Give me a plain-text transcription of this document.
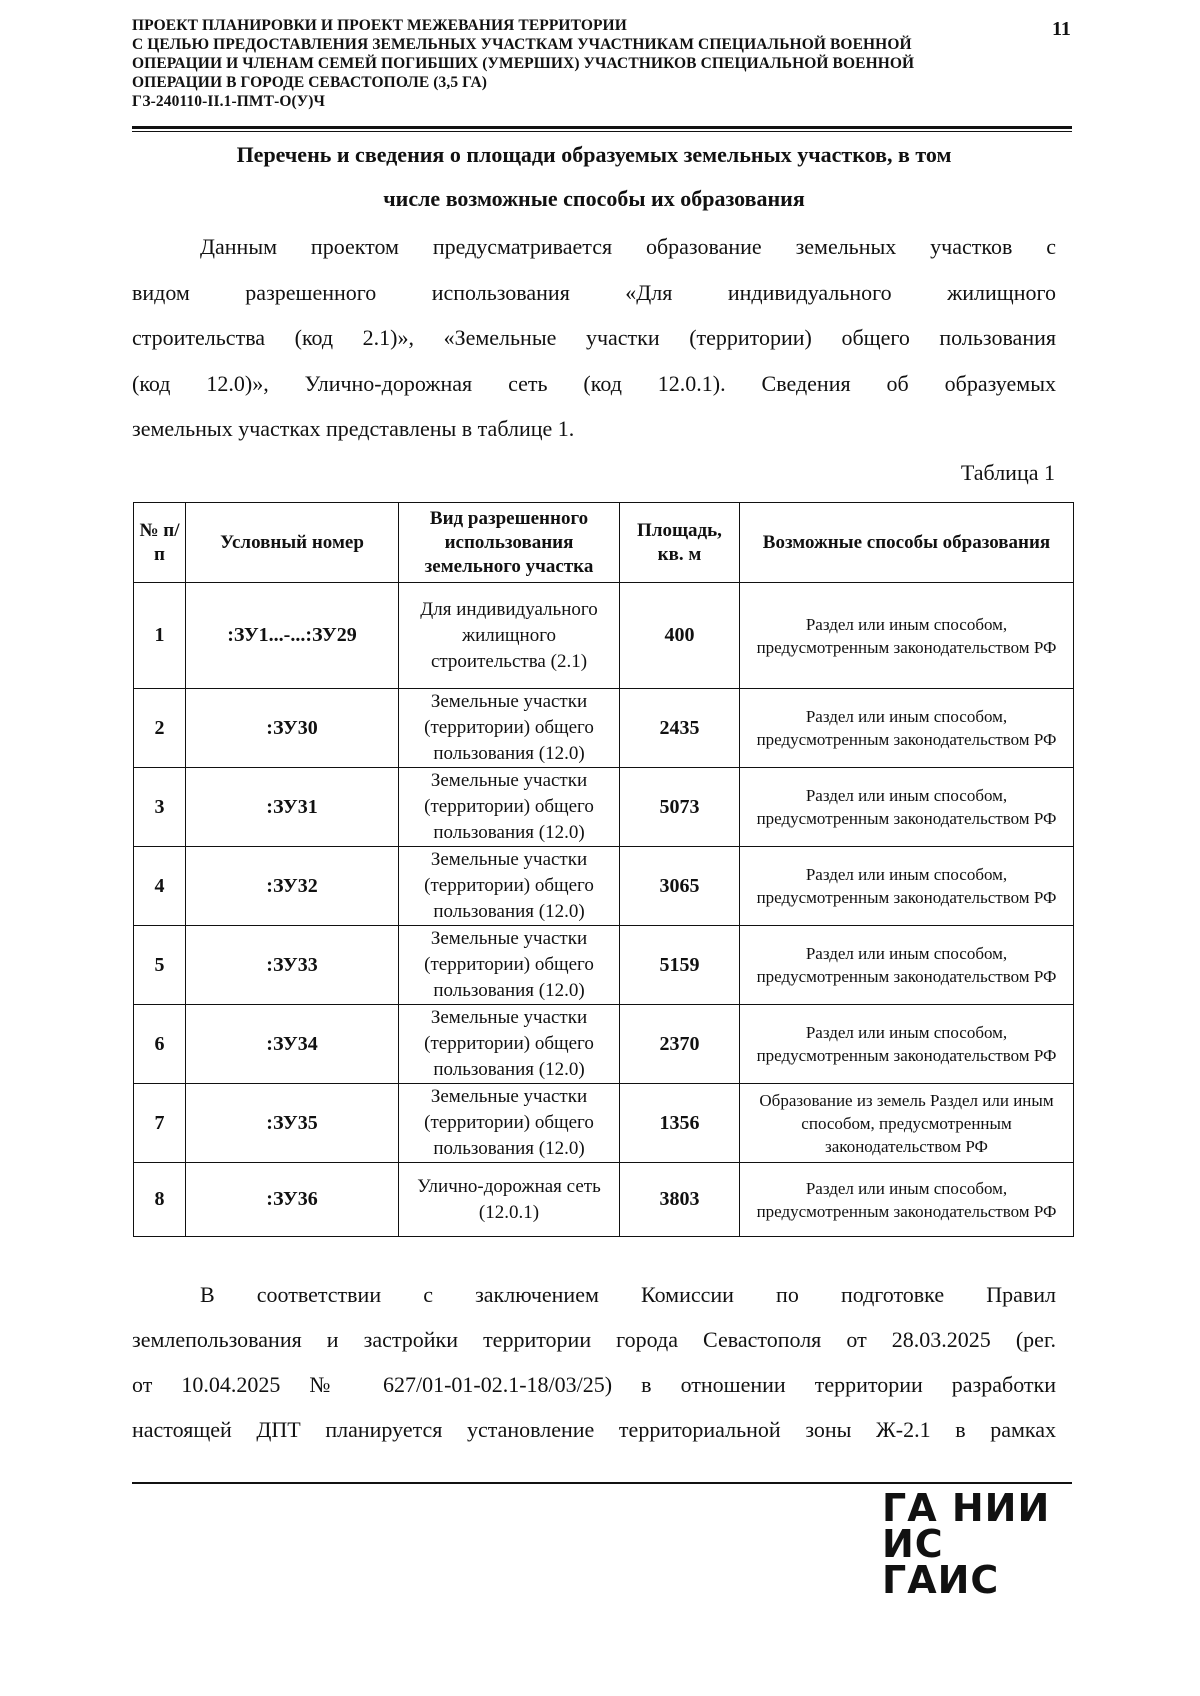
ПРОЕКТ ПЛАНИРОВКИ И ПРОЕКТ МЕЖЕВАНИЯ ТЕРРИТОРИИ
С ЦЕЛЬЮ ПРЕДОСТАВЛЕНИЯ ЗЕМЕЛЬНЫХ УЧАСТКАМ УЧАСТНИКАМ СПЕЦИАЛЬНОЙ ВОЕННОЙ
ОПЕРАЦИИ И ЧЛЕНАМ СЕМЕЙ ПОГИБШИХ (УМЕРШИХ) УЧАСТНИКОВ СПЕЦИАЛЬНОЙ ВОЕННОЙ
ОПЕРАЦИИ В ГОРОДЕ СЕВАСТОПОЛЕ (3,5 ГА)
ГЗ-240110-II.1-ПМТ-О(У)Ч
11
Перечень и сведения о площади образуемых земельных участков, в том
числе возможные способы их образования
Данным проектом предусматривается образование земельных участков с
видом разрешенного использования «Для индивидуального жилищного
строительства (код 2.1)», «Земельные участки (территории) общего пользования
(код 12.0)», Улично-дорожная сеть (код 12.0.1). Сведения об образуемых
земельных участках представлены в таблице 1.
Таблица 1
№ п/п	Условный номер	Вид разрешенного использования земельного участка	Площадь, кв. м	Возможные способы образования
1	:ЗУ1...-...:ЗУ29	Для индивидуального жилищного строительства (2.1)	400	Раздел или иным способом, предусмотренным законодательством РФ
2	:ЗУ30	Земельные участки (территории) общего пользования (12.0)	2435	Раздел или иным способом, предусмотренным законодательством РФ
3	:ЗУ31	Земельные участки (территории) общего пользования (12.0)	5073	Раздел или иным способом, предусмотренным законодательством РФ
4	:ЗУ32	Земельные участки (территории) общего пользования (12.0)	3065	Раздел или иным способом, предусмотренным законодательством РФ
5	:ЗУ33	Земельные участки (территории) общего пользования (12.0)	5159	Раздел или иным способом, предусмотренным законодательством РФ
6	:ЗУ34	Земельные участки (территории) общего пользования (12.0)	2370	Раздел или иным способом, предусмотренным законодательством РФ
7	:ЗУ35	Земельные участки (территории) общего пользования (12.0)	1356	Образование из земель Раздел или иным способом, предусмотренным законодательством РФ
8	:ЗУ36	Улично-дорожная сеть (12.0.1)	3803	Раздел или иным способом, предусмотренным законодательством РФ
В соответствии с заключением Комиссии по подготовке Правил
землепользования и застройки территории города Севастополя от 28.03.2025 (рег.
от 10.04.2025 № 627/01-01-02.1-18/03/25) в отношении территории разработки
настоящей ДПТ планируется установление территориальной зоны Ж-2.1 в рамках
ГА НИИ
ИС ГАИС
